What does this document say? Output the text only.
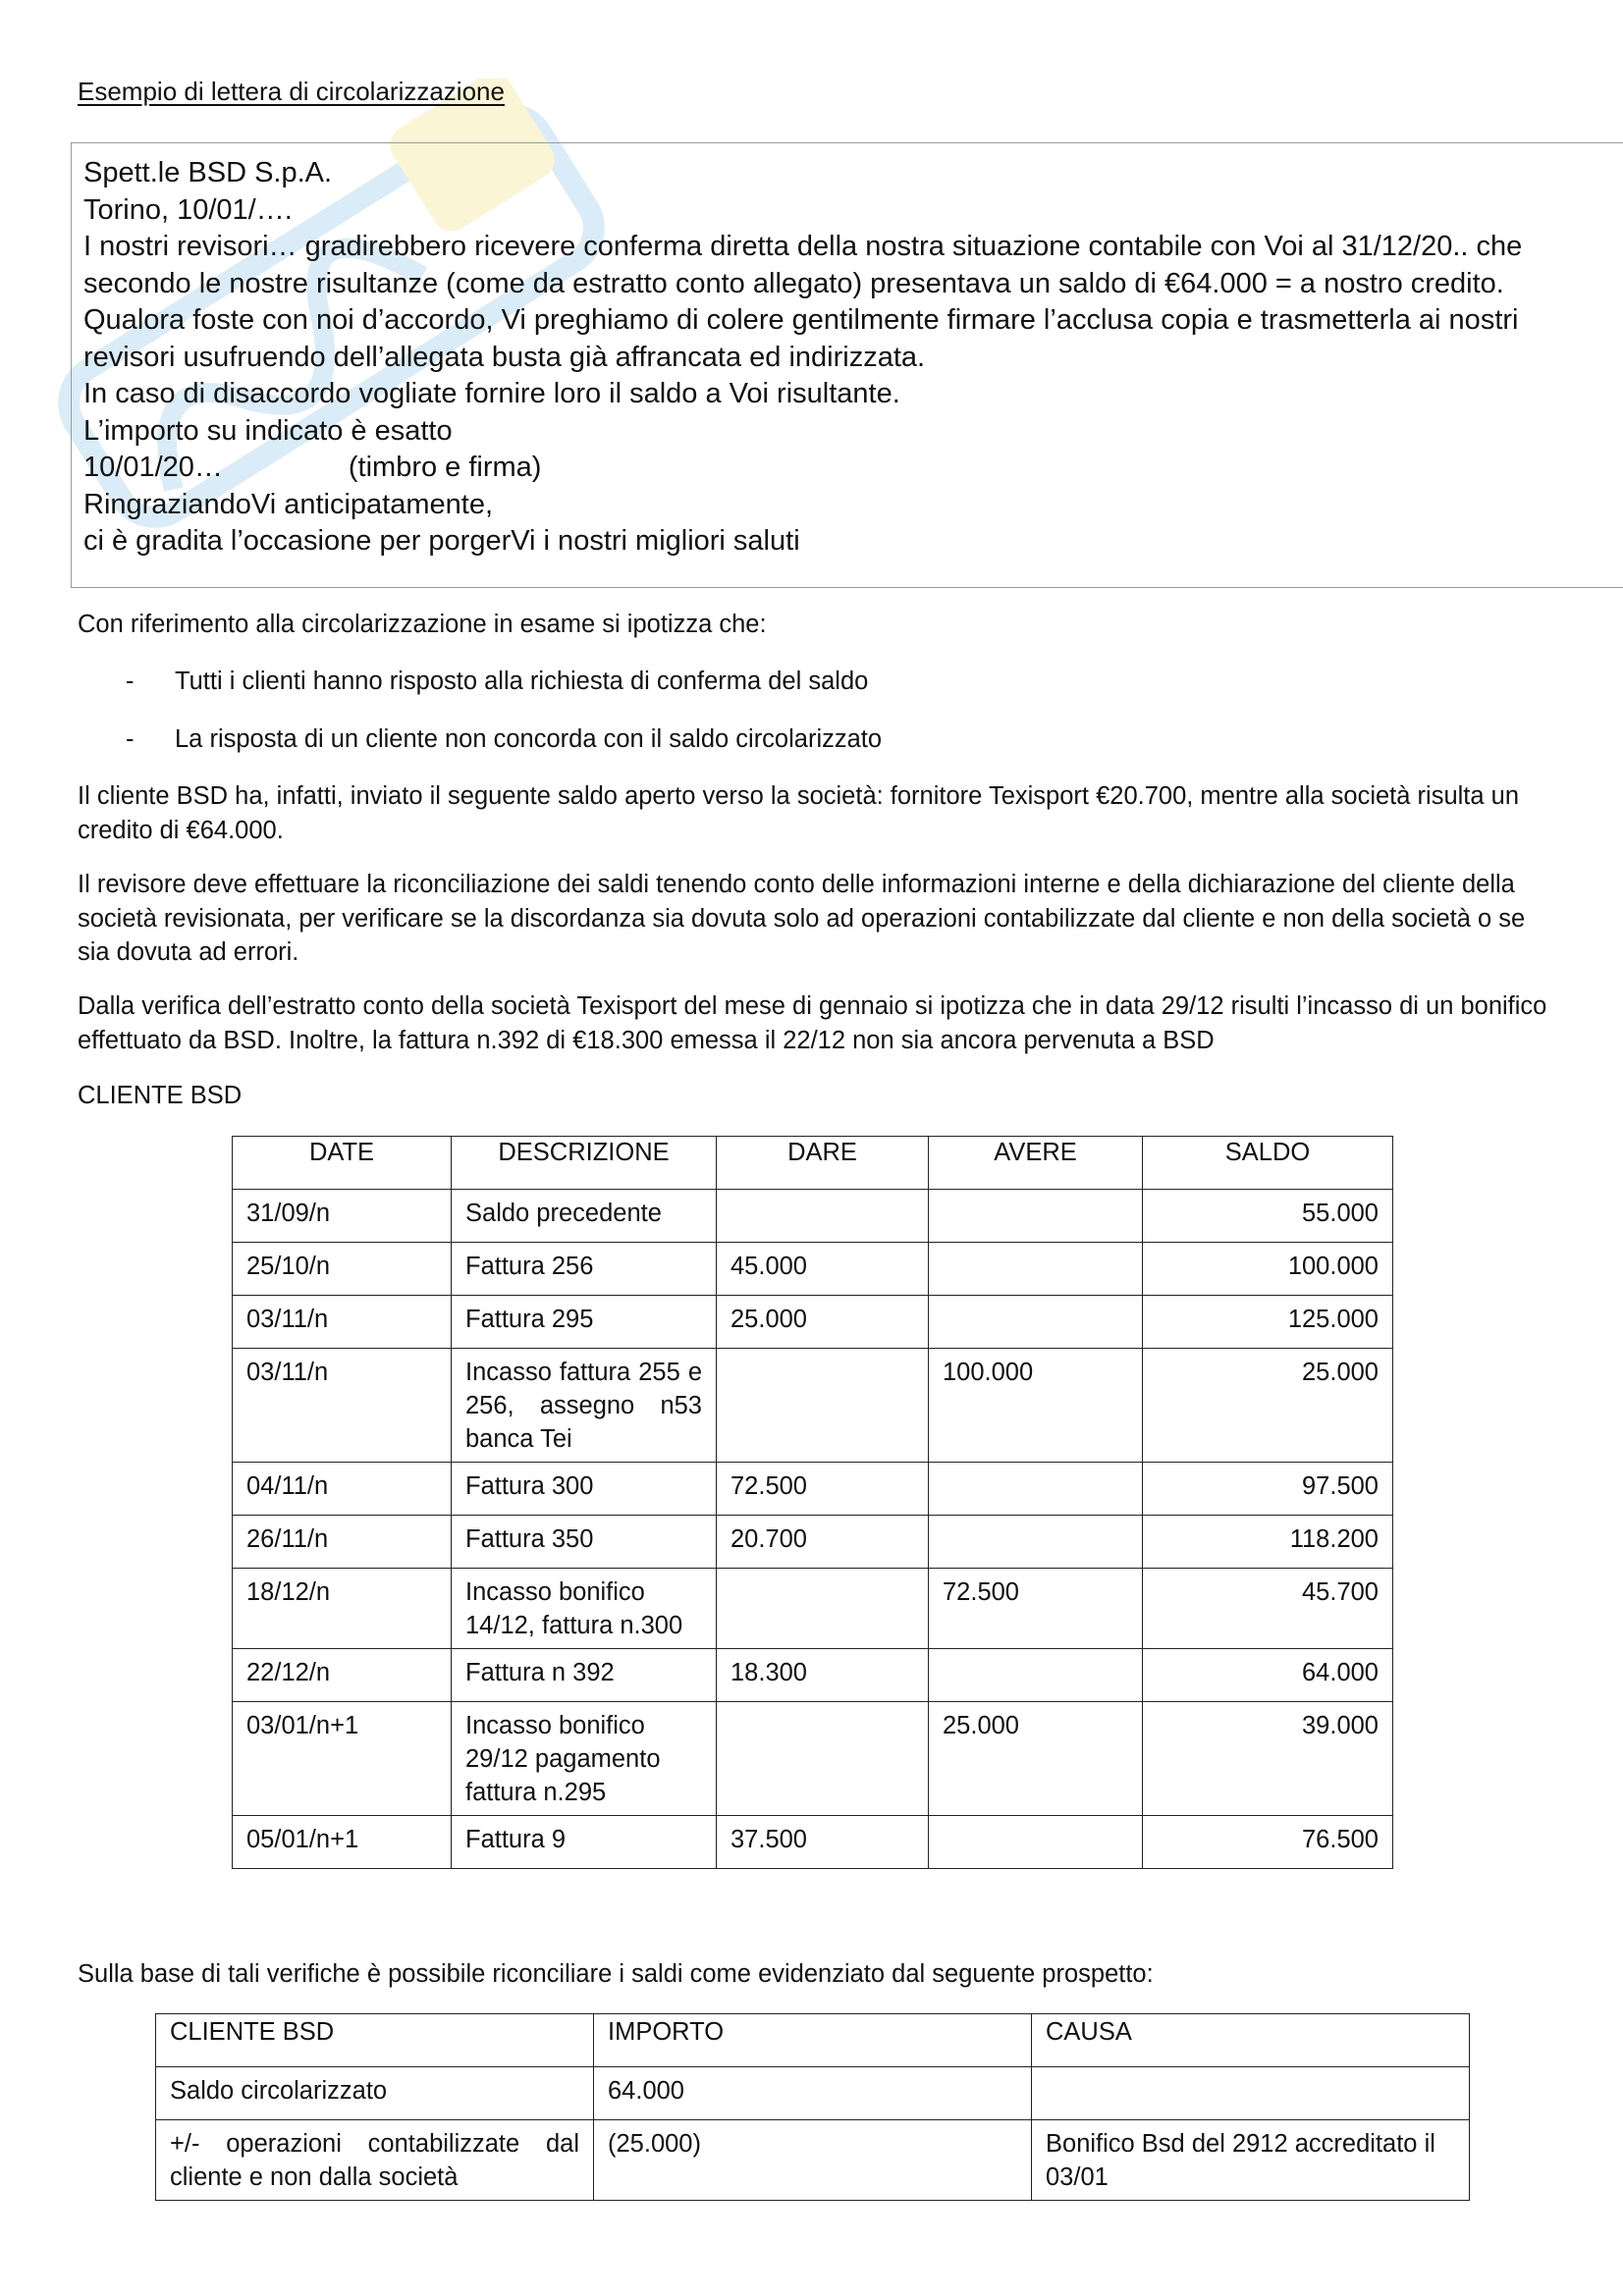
Esempio di lettera di circolarizzazione
Spett.le BSD S.p.A.
Torino, 10/01/….
I nostri revisori… gradirebbero ricevere conferma diretta della nostra situazione contabile con Voi al 31/12/20.. che secondo le nostre risultanze (come da estratto conto allegato) presentava un saldo di €64.000 = a nostro credito.
Qualora foste con noi d’accordo, Vi preghiamo di colere gentilmente firmare l’acclusa copia e trasmetterla ai nostri revisori usufruendo dell’allegata busta già affrancata ed indirizzata.
In caso di disaccordo vogliate fornire loro il saldo a Voi risultante.
L’importo su indicato è esatto
10/01/20…	(timbro e firma)
RingraziandoVi anticipatamente,
ci è gradita l’occasione per porgerVi i nostri migliori saluti
Con riferimento alla circolarizzazione in esame si ipotizza che:
- Tutti i clienti hanno risposto alla richiesta di conferma del saldo
- La risposta di un cliente non concorda con il saldo circolarizzato
Il cliente BSD ha, infatti, inviato il seguente saldo aperto verso la società: fornitore Texisport €20.700, mentre alla società risulta un credito di €64.000.
Il revisore deve effettuare la riconciliazione dei saldi tenendo conto delle informazioni interne e della dichiarazione del cliente della società revisionata, per verificare se la discordanza sia dovuta solo ad operazioni contabilizzate dal cliente e non della società o se sia dovuta ad errori.
Dalla verifica dell’estratto conto della società Texisport del mese di gennaio si ipotizza che in data 29/12 risulti l’incasso di un bonifico effettuato da BSD. Inoltre, la fattura n.392 di €18.300 emessa il 22/12 non sia ancora pervenuta a BSD
CLIENTE BSD
DATE	DESCRIZIONE	DARE	AVERE	SALDO
31/09/n	Saldo precedente			55.000
25/10/n	Fattura 256	45.000		100.000
03/11/n	Fattura 295	25.000		125.000
03/11/n	Incasso fattura 255 e 256, assegno n53 banca Tei		100.000	25.000
04/11/n	Fattura 300	72.500		97.500
26/11/n	Fattura 350	20.700		118.200
18/12/n	Incasso bonifico 14/12, fattura n.300		72.500	45.700
22/12/n	Fattura n 392	18.300		64.000
03/01/n+1	Incasso bonifico 29/12 pagamento fattura n.295		25.000	39.000
05/01/n+1	Fattura 9	37.500		76.500
Sulla base di tali verifiche è possibile riconciliare i saldi come evidenziato dal seguente prospetto:
CLIENTE BSD	IMPORTO	CAUSA
Saldo circolarizzato	64.000	
+/- operazioni contabilizzate dal cliente e non dalla società	(25.000)	Bonifico Bsd del 2912 accreditato il 03/01
